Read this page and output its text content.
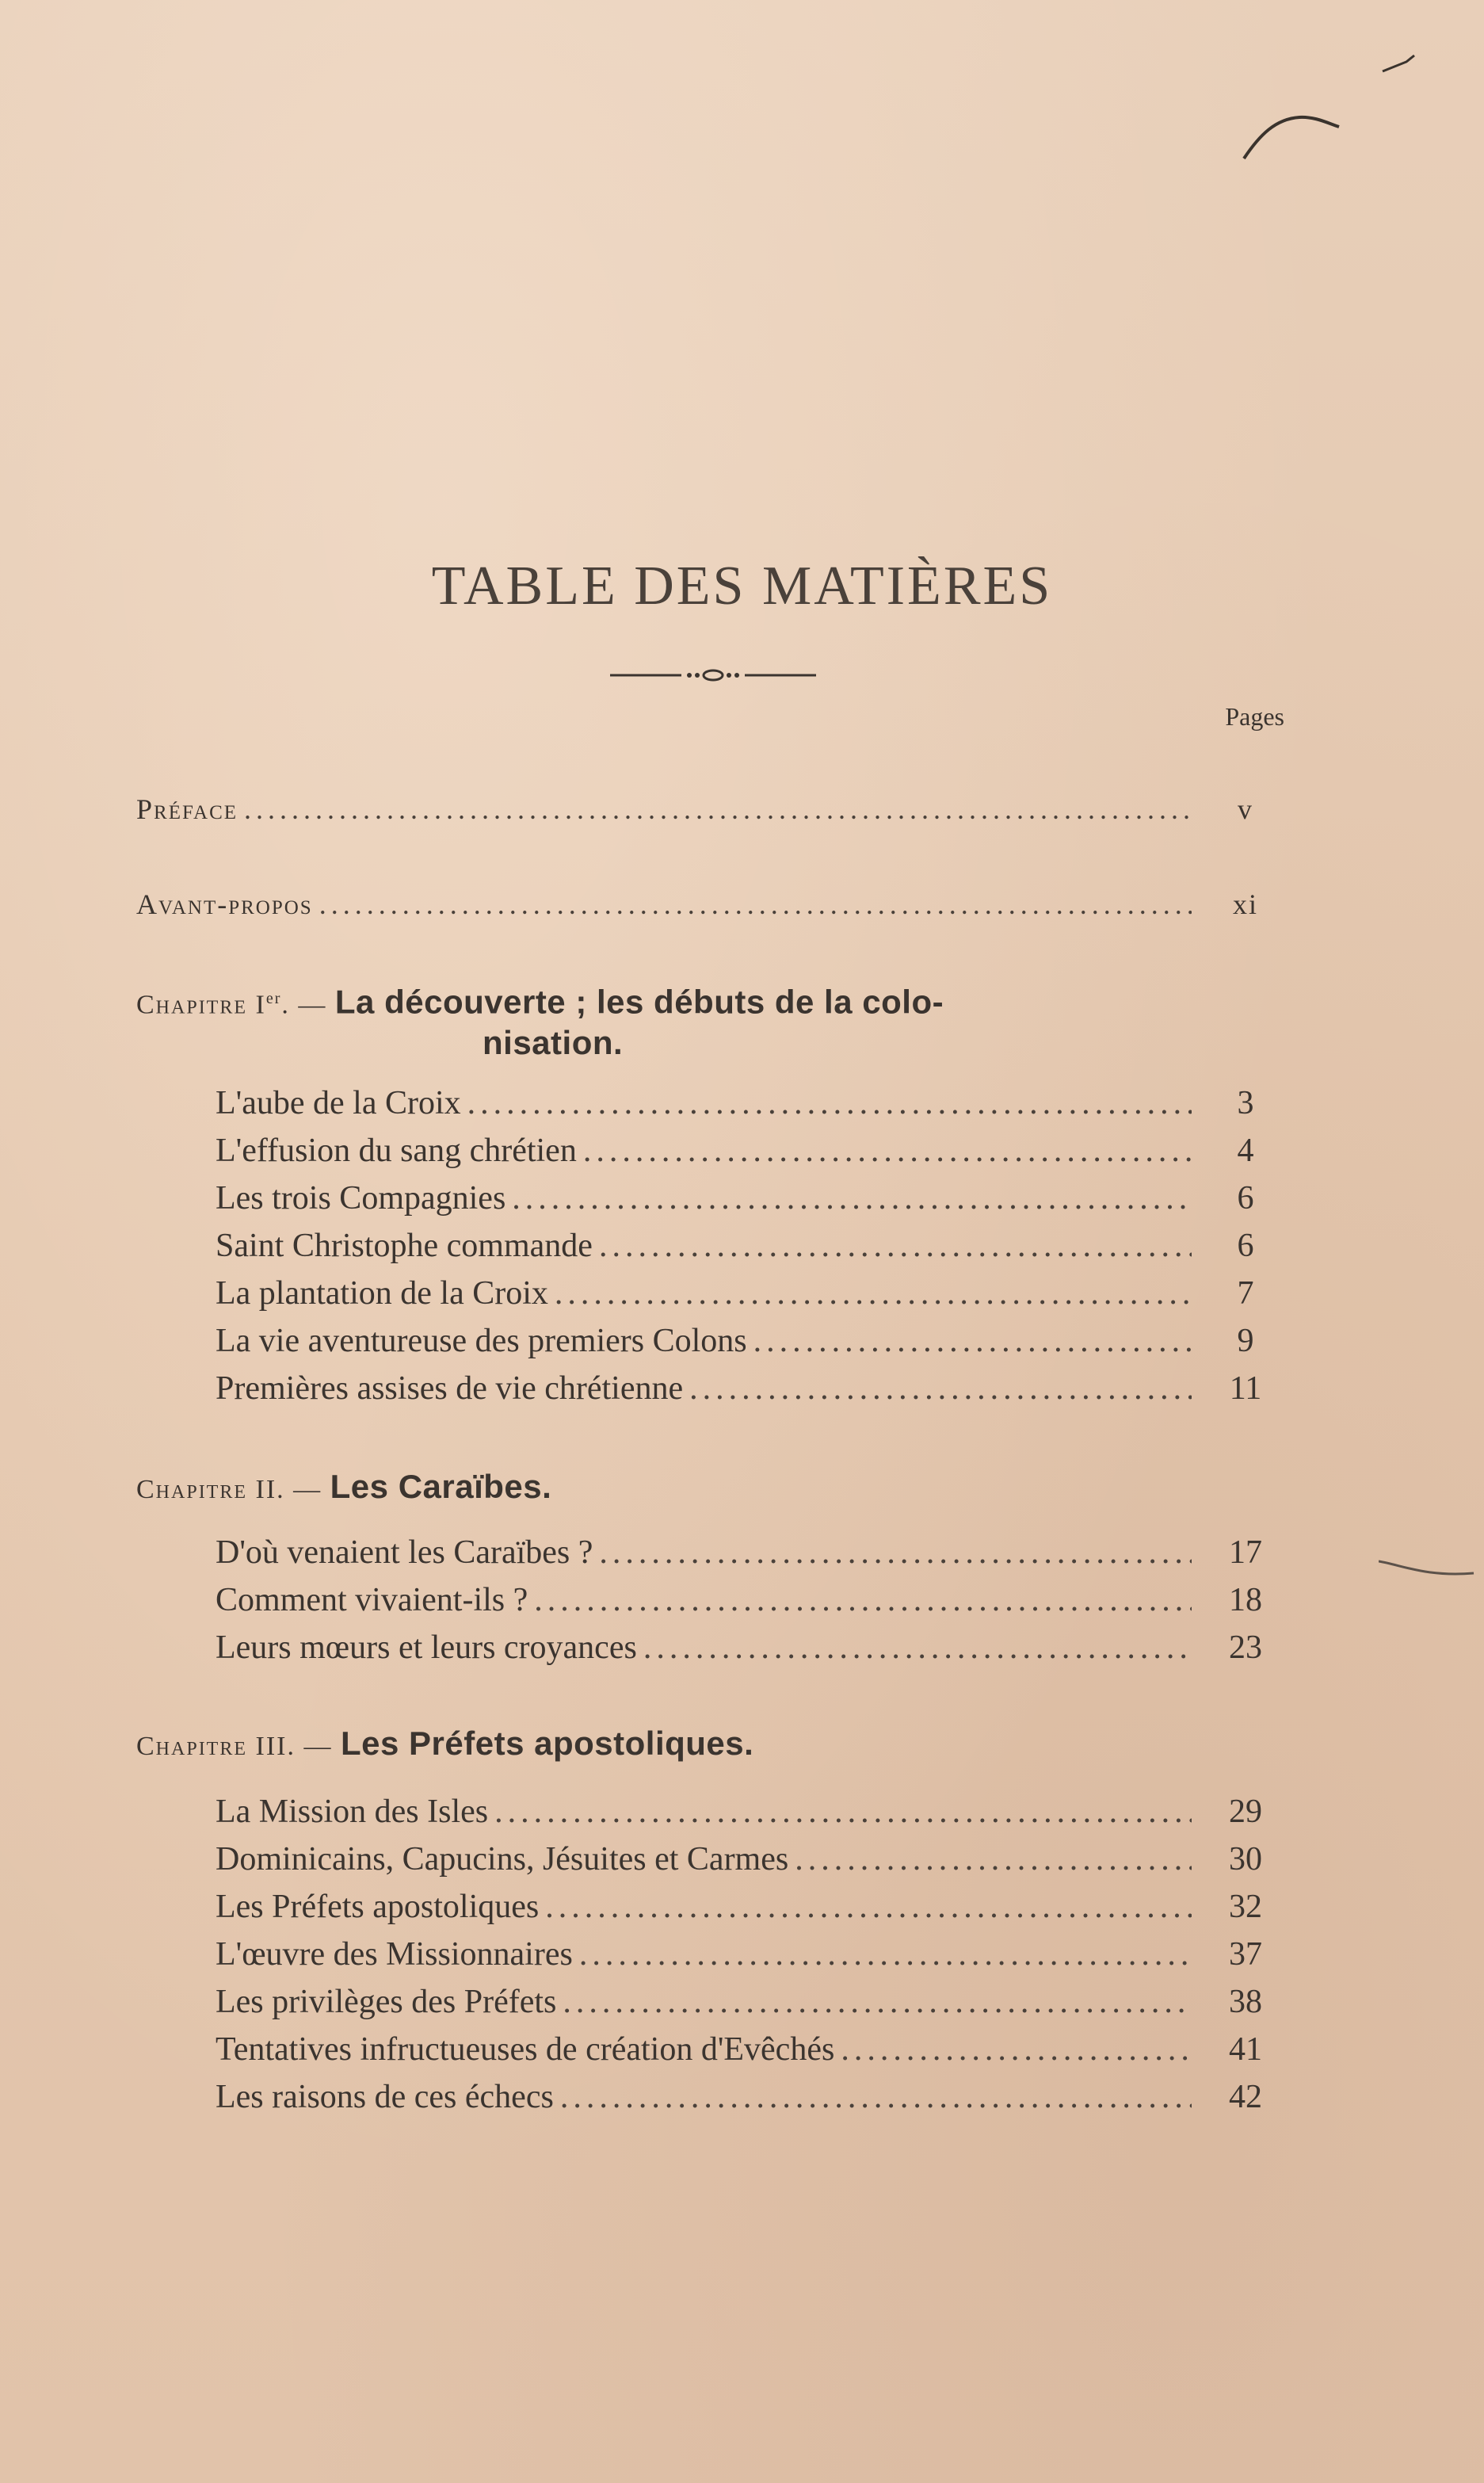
TABLE DES MATIÈRES
Pages
Préface .....	v
Avant-propos .....	xi
Chapitre Ier. — La découverte ; les débuts de la colo-
nisation.
L'aube de la Croix .....	3
L'effusion du sang chrétien .....	4
Les trois Compagnies .....	6
Saint Christophe commande .....	6
La plantation de la Croix .....	7
La vie aventureuse des premiers Colons .....	9
Premières assises de vie chrétienne .....	11
Chapitre II. — Les Caraïbes.
D'où venaient les Caraïbes ? .....	17
Comment vivaient-ils ? .....	18
Leurs mœurs et leurs croyances .....	23
Chapitre III. — Les Préfets apostoliques.
La Mission des Isles .....	29
Dominicains, Capucins, Jésuites et Carmes .....	30
Les Préfets apostoliques .....	32
L'œuvre des Missionnaires .....	37
Les privilèges des Préfets .....	38
Tentatives infructueuses de création d'Evêchés .....	41
Les raisons de ces échecs .....	42
